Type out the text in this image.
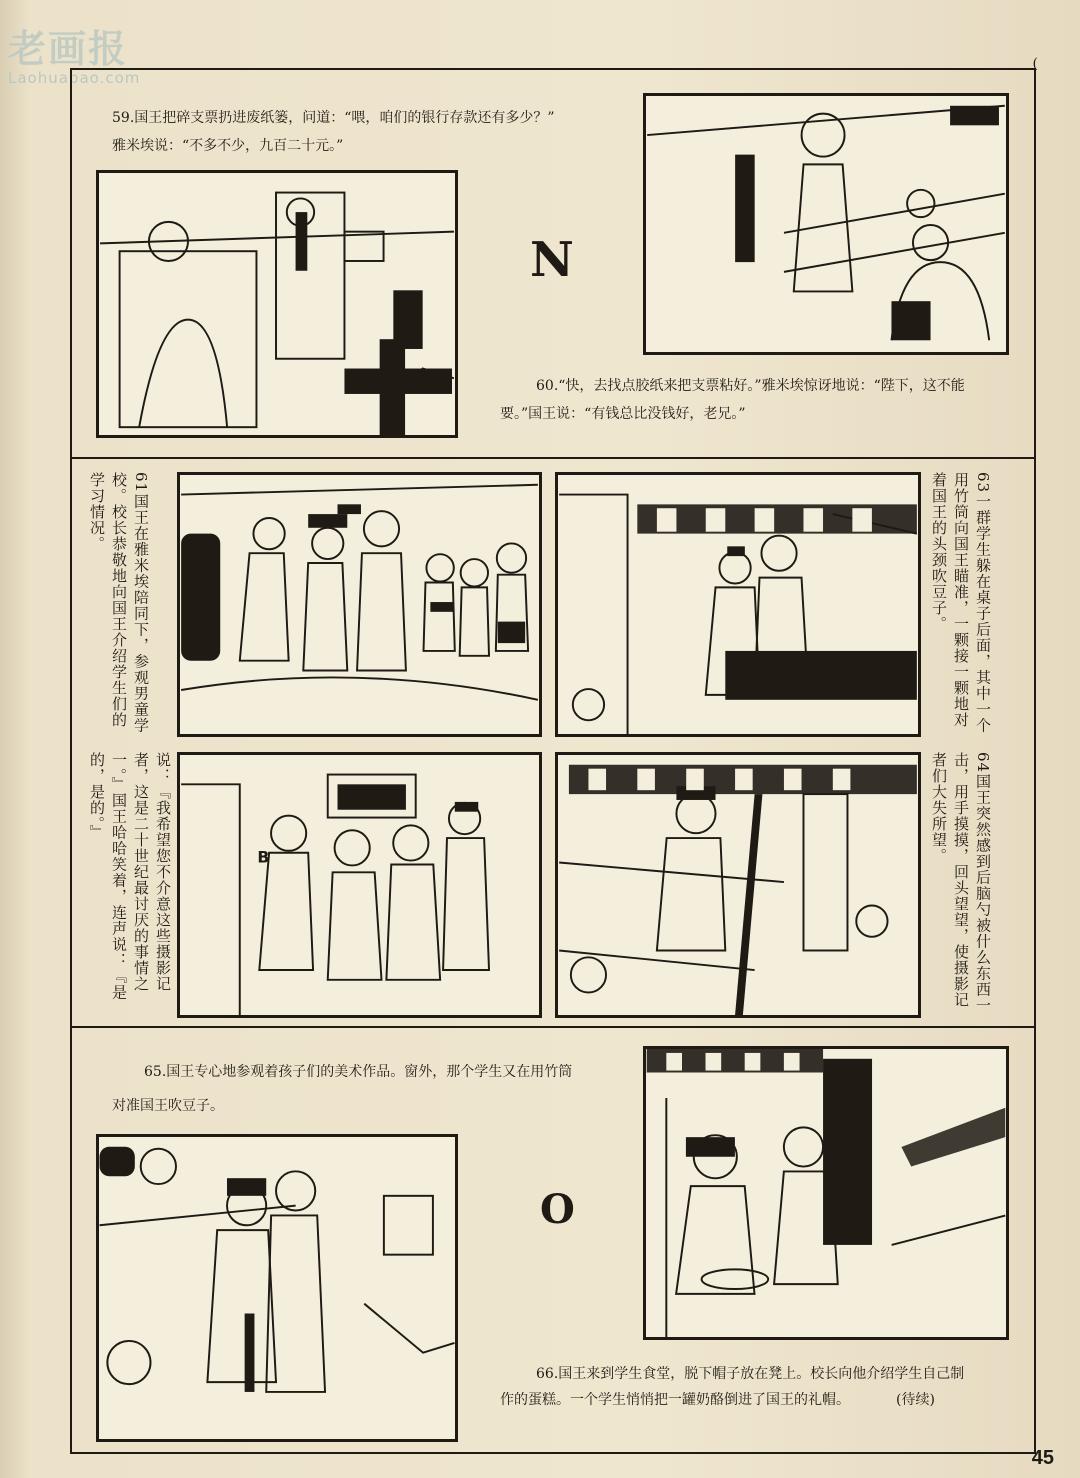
老画报
Laohuabao.com
(
59.国王把碎支票扔进废纸篓，问道：“喂，咱们的银行存款还有多少？”
雅米埃说：“不多不少，九百二十元。”
N
60.“快，去找点胶纸来把支票粘好。”雅米埃惊讶地说：“陛下，这不能
要。”国王说：“有钱总比没钱好，老兄。”
61国王在雅米埃陪同下，参观男童学校。校长恭敬地向国王介绍学生们的学习情况。	63一群学生躲在桌子后面，其中一个用竹筒向国王瞄准，一颗接一颗地对着国王的头颈吹豆子。
说：『我希望您不介意这些摄影记者，这是二十世纪最讨厌的事情之一。』国王哈哈笑着，连声说：『是的，是的。』
B	64国王突然感到后脑勺被什么东西一击，用手摸摸，回头望望，使摄影记者们大失所望。
65.国王专心地参观着孩子们的美术作品。窗外，那个学生又在用竹筒
对准国王吹豆子。
O
66.国王来到学生食堂，脱下帽子放在凳上。校长向他介绍学生自己制
作的蛋糕。一个学生悄悄把一罐奶酪倒进了国王的礼帽。	(待续)
45
